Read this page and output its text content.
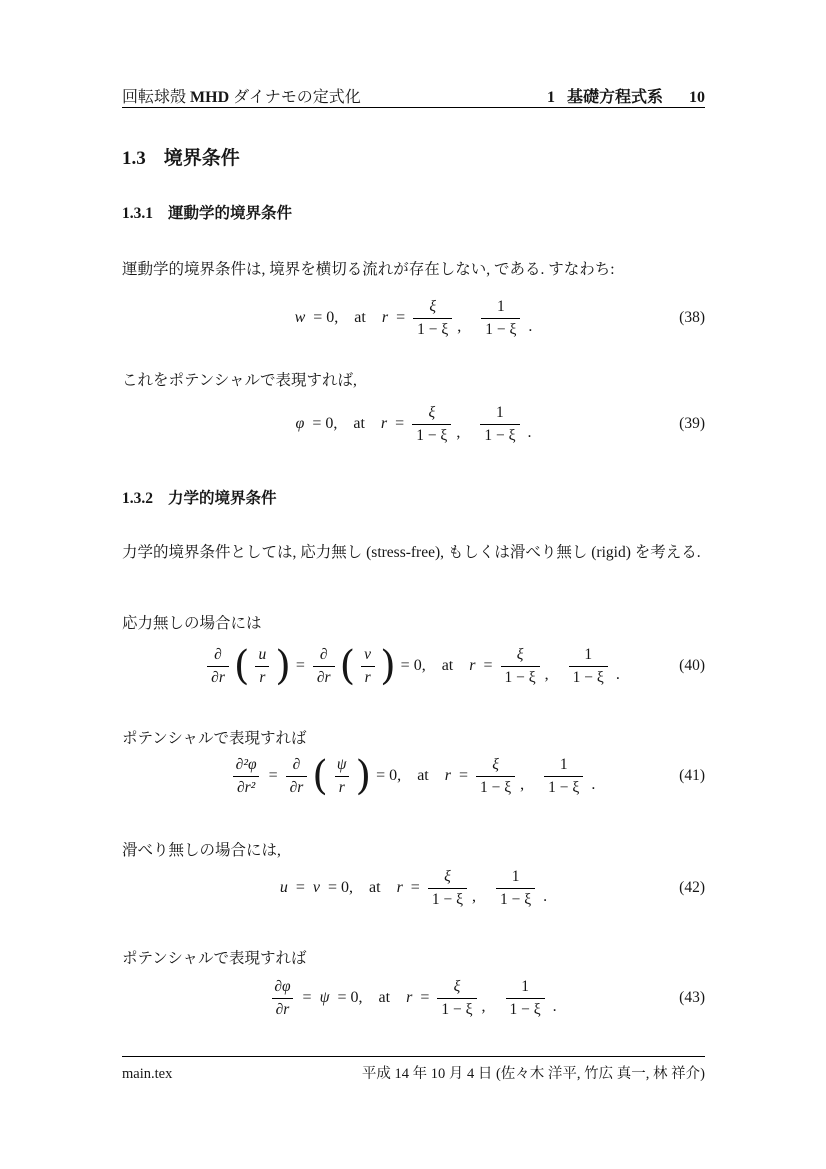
回転球殻 MHD ダイナモの定式化	1 基礎方程式系 10
1.3 境界条件
1.3.1 運動学的境界条件
運動学的境界条件は, 境界を横切る流れが存在しない, である. すなわち:
w = 0, at $r = \frac{\xi}{1 - \xi}$ , $\frac{1}{1 - \xi}$ .
(38)
これをポテンシャルで表現すれば,
φ = 0, at $r = \frac{\xi}{1 - \xi}$ , $\frac{1}{1 - \xi}$ .
(39)
1.3.2 力学的境界条件
力学的境界条件としては, 応力無し (stress-free), もしくは滑べり無し (rigid) を考える.
応力無しの場合には
$\frac{\partial}{\partial r}$ ( $\frac{u}{r}$ ) = $\frac{\partial}{\partial r}$ ( $\frac{v}{r}$ ) = 0, at $r = \frac{\xi}{1 - \xi}$ , $\frac{1}{1 - \xi}$ .
(40)
ポテンシャルで表現すれば
$\frac{\text{∂²φ}}{\text{∂r²}} = \frac{\partial}{\partial r}$ ( $\frac{\psi}{r}$ ) = 0, at $r = \frac{\xi}{1 - \xi}$ , $\frac{1}{1 - \xi}$ .
(41)
滑べり無しの場合には,
u = v = 0, at $r = \frac{\xi}{1 - \xi}$ , $\frac{1}{1 - \xi}$ .
(42)
ポテンシャルで表現すれば
$\frac{\partial\varphi}{\partial r} = \psi = 0$, at $r = \frac{\xi}{1 - \xi}$ , $\frac{1}{1 - \xi}$ .
(43)
main.tex	平成 14 年 10 月 4 日 (佐々木 洋平, 竹広 真一, 林 祥介)
